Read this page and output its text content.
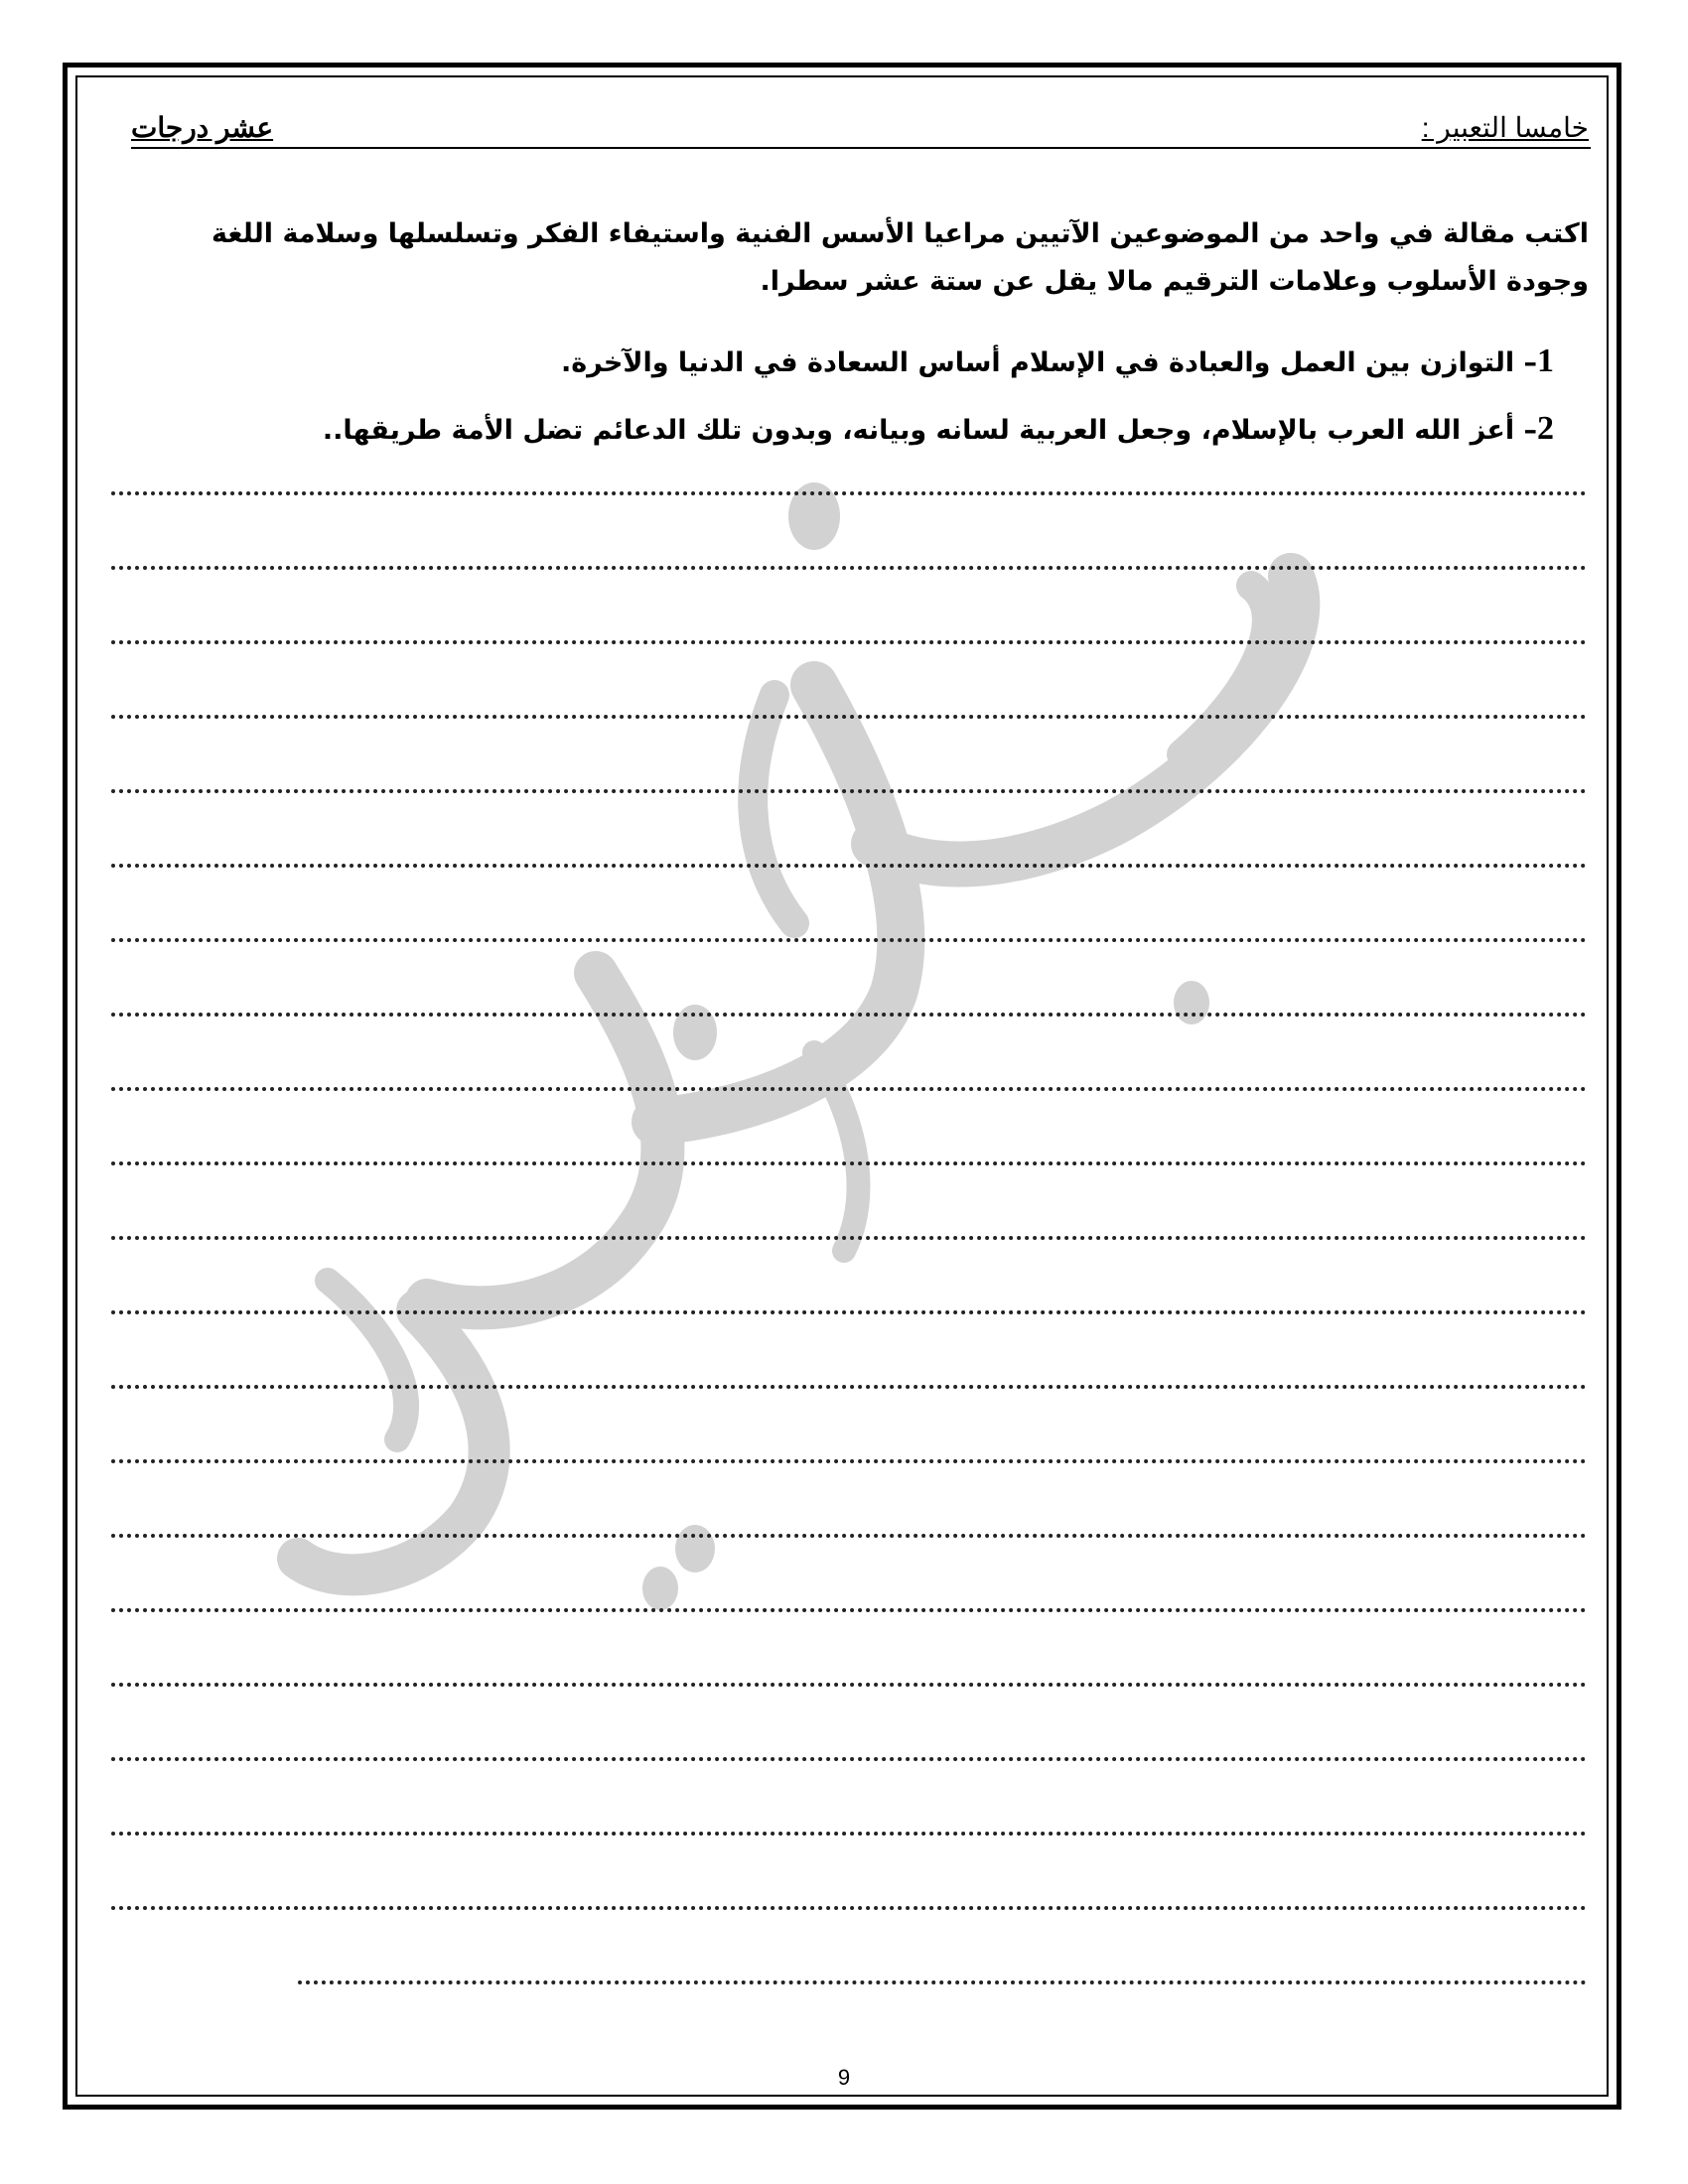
خامسا التعبير :
عشر درجات
اكتب مقالة في واحد من الموضوعين الآتيين مراعيا الأسس الفنية واستيفاء الفكر وتسلسلها وسلامة اللغة وجودة الأسلوب وعلامات الترقيم مالا يقل عن ستة عشر سطرا.
1– التوازن بين العمل والعبادة في الإسلام أساس السعادة في الدنيا والآخرة.
2– أعز الله العرب بالإسلام، وجعل العربية لسانه وبيانه، وبدون تلك الدعائم تضل الأمة طريقها..
9
